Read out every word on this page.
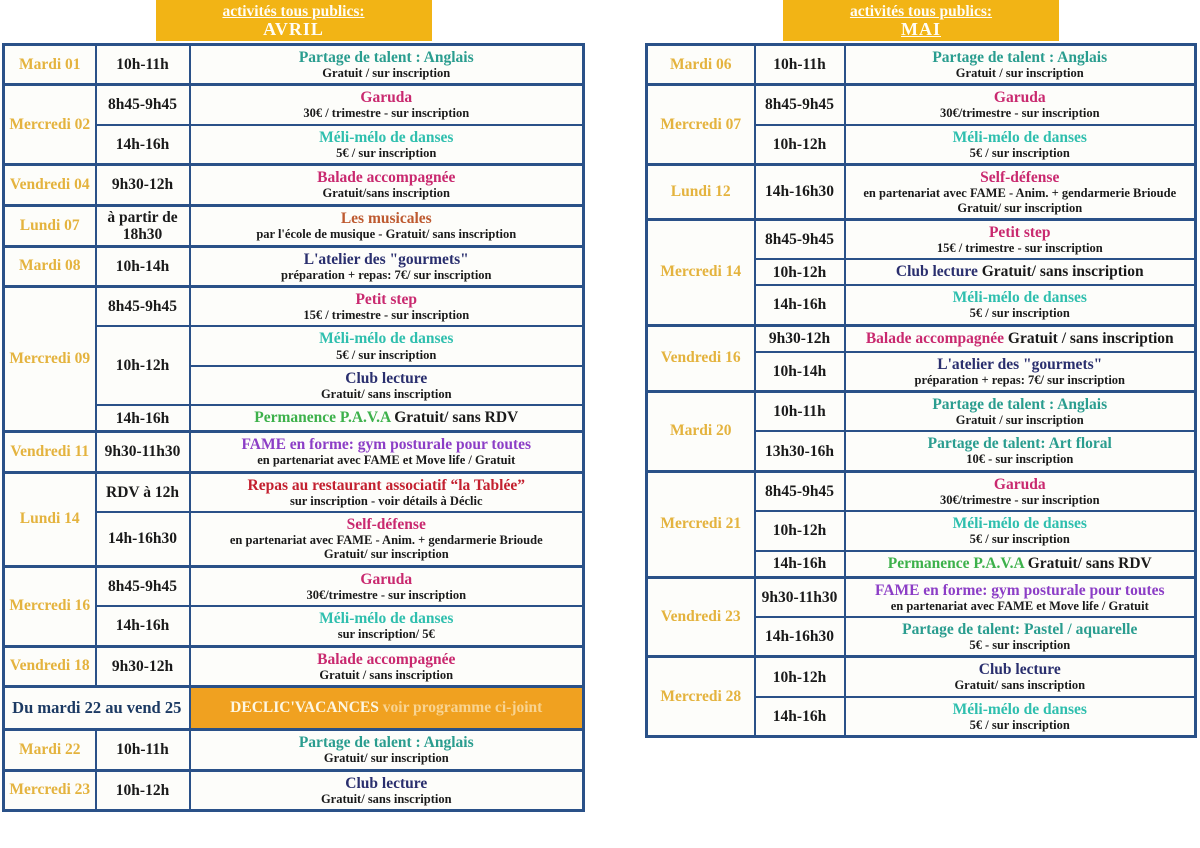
activités tous publics:
AVRIL
Mardi 01	10h-11h	Partage de talent : Anglais
Gratuit / sur inscription

Mercredi 02	8h45-9h45	Garuda
30€ / trimestre - sur inscription

	14h-16h	Méli-mélo de danses
5€ / sur inscription

Vendredi 04	9h30-12h	Balade accompagnée
Gratuit/sans inscription

Lundi 07	à partir de 18h30	Les musicales
par l'école de musique - Gratuit/ sans inscription

Mardi 08	10h-14h	L'atelier des "gourmets"
préparation + repas: 7€/ sur inscription

Mercredi 09	8h45-9h45	Petit step
15€ / trimestre - sur inscription

	10h-12h	Méli-mélo de danses
5€ / sur inscription

		Club lecture
Gratuit/ sans inscription

	14h-16h	Permanence P.A.V.A Gratuit/ sans RDV
Vendredi 11	9h30-11h30	FAME en forme: gym posturale pour toutes
en partenariat avec FAME et Move life / Gratuit

Lundi 14	RDV à 12h	Repas au restaurant associatif “la Tablée”
sur inscription - voir détails à Déclic

	14h-16h30	Self-défense
en partenariat avec FAME - Anim. + gendarmerie Brioude
Gratuit/ sur inscription

Mercredi 16	8h45-9h45	Garuda
30€/trimestre - sur inscription

	14h-16h	Méli-mélo de danses
sur inscription/ 5€

Vendredi 18	9h30-12h	Balade accompagnée
Gratuit / sans inscription

Du mardi 22 au vend 25		DECLIC'VACANCES voir programme ci-joint
Mardi 22	10h-11h	Partage de talent : Anglais
Gratuit/ sur inscription

Mercredi 23	10h-12h	Club lecture
Gratuit/ sans inscription
activités tous publics:
MAI
Mardi 06	10h-11h	Partage de talent : Anglais
Gratuit / sur inscription

Mercredi 07	8h45-9h45	Garuda
30€/trimestre - sur inscription

	10h-12h	Méli-mélo de danses
5€ / sur inscription

Lundi 12	14h-16h30	Self-défense
en partenariat avec FAME - Anim. + gendarmerie Brioude
Gratuit/ sur inscription

Mercredi 14	8h45-9h45	Petit step
15€ / trimestre - sur inscription

	10h-12h	Club lecture Gratuit/ sans inscription
	14h-16h	Méli-mélo de danses
5€ / sur inscription

Vendredi 16	9h30-12h	Balade accompagnée Gratuit / sans inscription
	10h-14h	L'atelier des "gourmets"
préparation + repas: 7€/ sur inscription

Mardi 20	10h-11h	Partage de talent : Anglais
Gratuit / sur inscription

	13h30-16h	Partage de talent: Art floral
10€ - sur inscription

Mercredi 21	8h45-9h45	Garuda
30€/trimestre - sur inscription

	10h-12h	Méli-mélo de danses
5€ / sur inscription

	14h-16h	Permanence P.A.V.A Gratuit/ sans RDV
Vendredi 23	9h30-11h30	FAME en forme: gym posturale pour toutes
en partenariat avec FAME et Move life / Gratuit

	14h-16h30	Partage de talent: Pastel / aquarelle
5€ - sur inscription

Mercredi 28	10h-12h	Club lecture
Gratuit/ sans inscription

	14h-16h	Méli-mélo de danses
5€ / sur inscription
